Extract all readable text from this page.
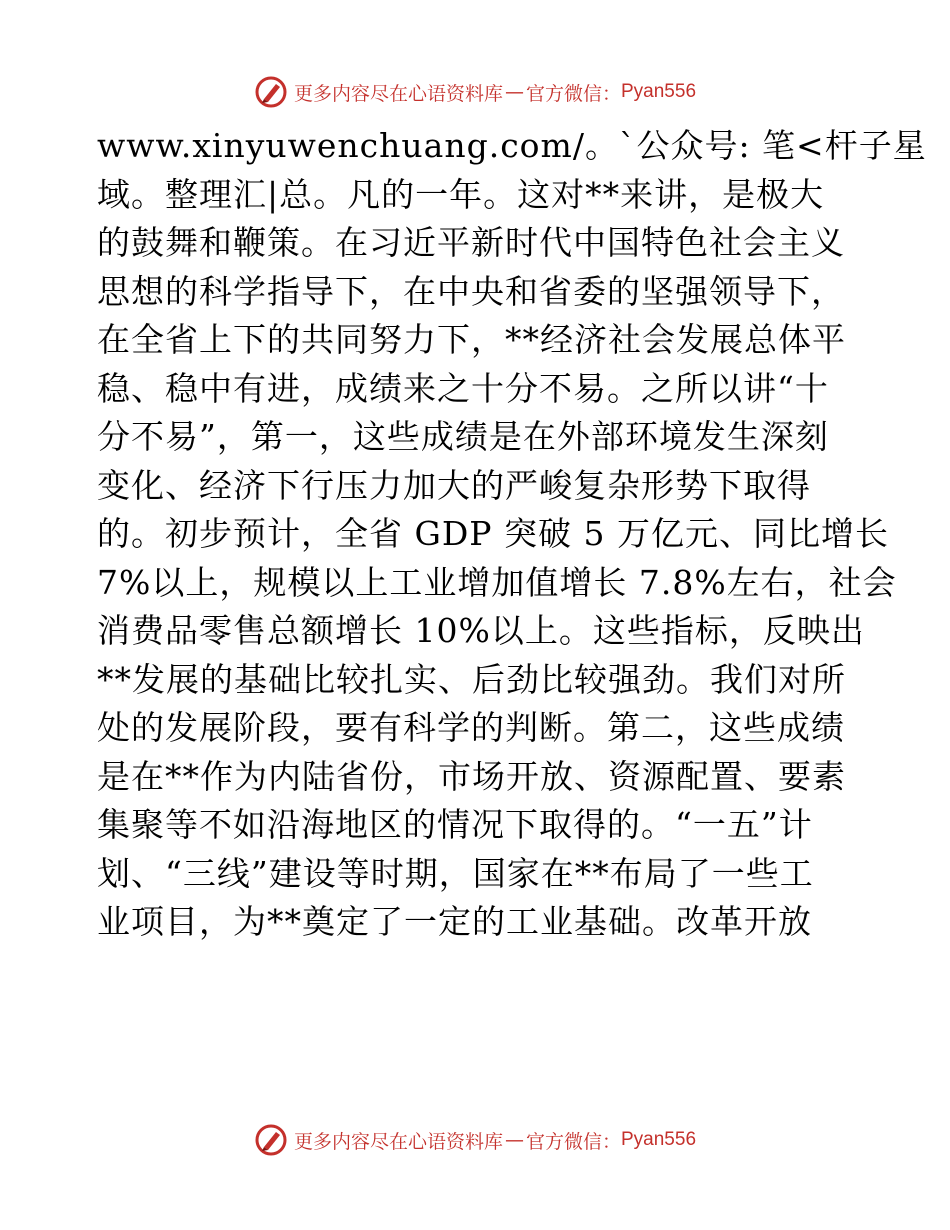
更多内容尽在心语资料库 — 官方微信： Pyan556
www.xinyuwenchuang.com/。`公众号: 笔<杆子星
域。整理汇|总。凡的一年。这对**来讲，是极大
的鼓舞和鞭策。在习近平新时代中国特色社会主义
思想的科学指导下，在中央和省委的坚强领导下，
在全省上下的共同努力下，**经济社会发展总体平
稳、稳中有进，成绩来之十分不易。之所以讲“十
分不易”，第一，这些成绩是在外部环境发生深刻
变化、经济下行压力加大的严峻复杂形势下取得
的。初步预计，全省 GDP 突破 5 万亿元、同比增长
7%以上，规模以上工业增加值增长 7.8%左右，社会
消费品零售总额增长 10%以上。这些指标，反映出
**发展的基础比较扎实、后劲比较强劲。我们对所
处的发展阶段，要有科学的判断。第二，这些成绩
是在**作为内陆省份，市场开放、资源配置、要素
集聚等不如沿海地区的情况下取得的。“一五”计
划、“三线”建设等时期，国家在**布局了一些工
业项目，为**奠定了一定的工业基础。改革开放
更多内容尽在心语资料库 — 官方微信： Pyan556
